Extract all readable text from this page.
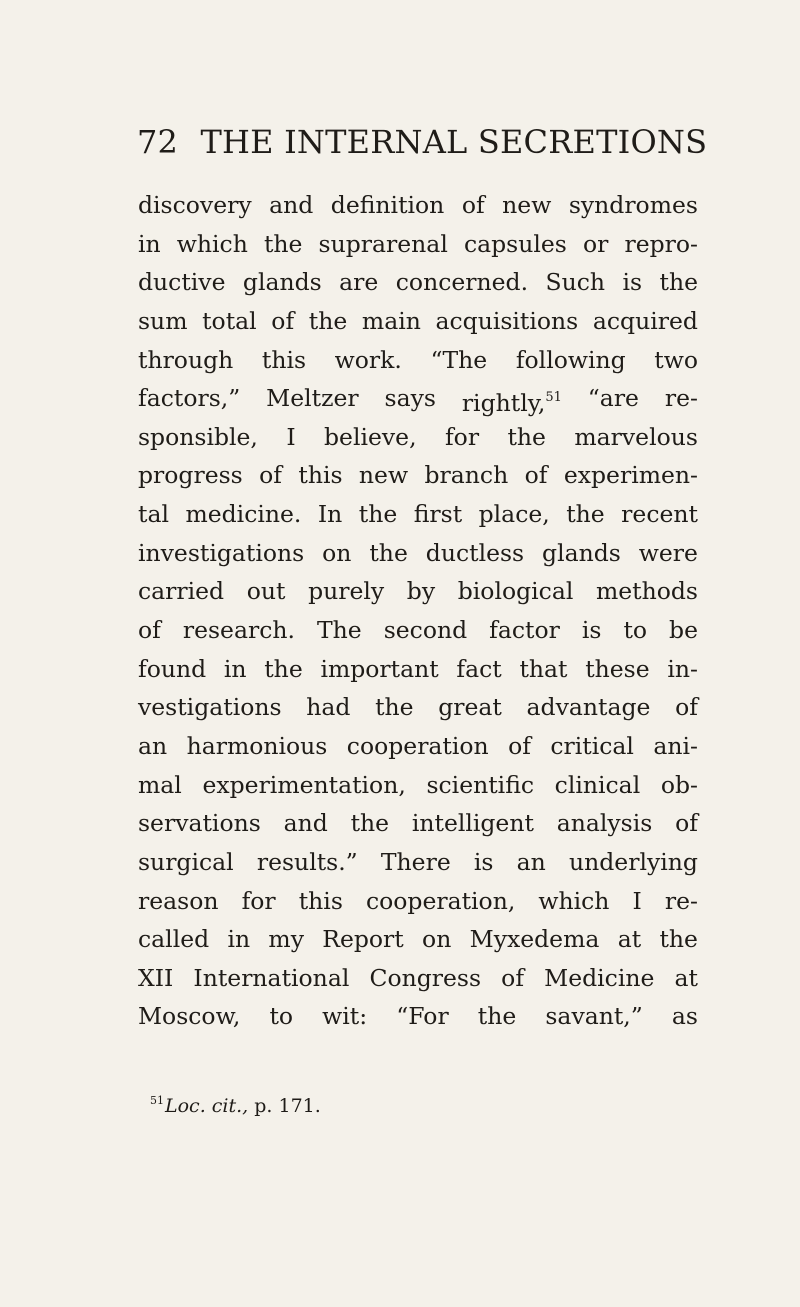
72 THE INTERNAL SECRETIONS
discovery and definition of new syndromes
in which the suprarenal capsules or repro-
ductive glands are concerned. Such is the
sum total of the main acquisitions acquired
through this work. “The following two
factors,” Meltzer says rightly,$^{51}$ “are re-
sponsible, I believe, for the marvelous
progress of this new branch of experimen-
tal medicine. In the first place, the recent
investigations on the ductless glands were
carried out purely by biological methods
of research. The second factor is to be
found in the important fact that these in-
vestigations had the great advantage of
an harmonious cooperation of critical ani-
mal experimentation, scientific clinical ob-
servations and the intelligent analysis of
surgical results.” There is an underlying
reason for this cooperation, which I re-
called in my Report on Myxedema at the
XII International Congress of Medicine at
Moscow, to wit: “For the savant,” as
$^{51}$Loc. cit., p. 171.
